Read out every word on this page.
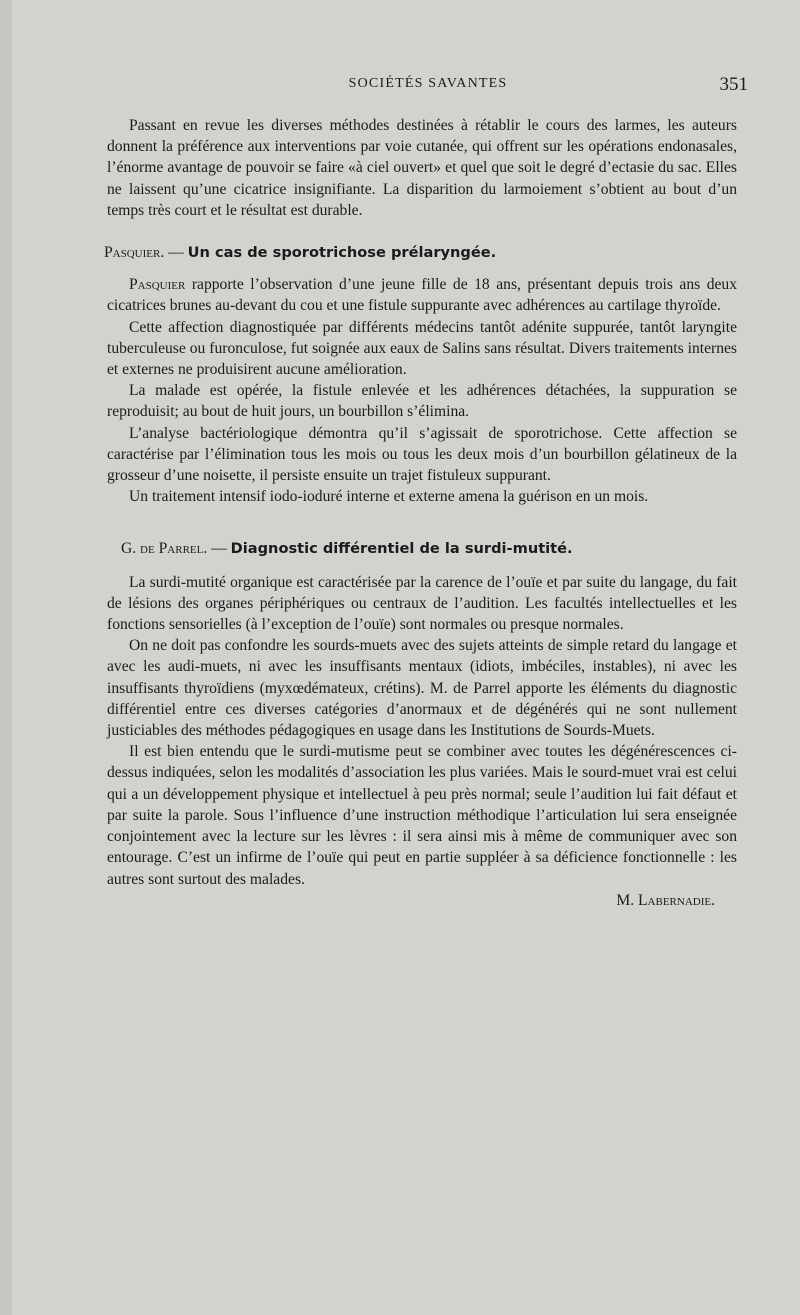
SOCIÉTÉS SAVANTES	351

Passant en revue les diverses méthodes destinées à rétablir le cours des larmes, les auteurs donnent la préférence aux interventions par voie cutanée, qui offrent sur les opérations endonasales, l’énorme avantage de pouvoir se faire «à ciel ouvert» et quel que soit le degré d’ectasie du sac. Elles ne laissent qu’une cicatrice insignifiante. La disparition du larmoiement s’obtient au bout d’un temps très court et le résultat est durable.

Pasquier. — Un cas de sporotrichose prélaryngée.

Pasquier rapporte l’observation d’une jeune fille de 18 ans, présentant depuis trois ans deux cicatrices brunes au-devant du cou et une fistule suppurante avec adhérences au cartilage thyroïde.

Cette affection diagnostiquée par différents médecins tantôt adénite suppurée, tantôt laryngite tuberculeuse ou furonculose, fut soignée aux eaux de Salins sans résultat. Divers traitements internes et externes ne produisirent aucune amélioration.

La malade est opérée, la fistule enlevée et les adhérences détachées, la suppuration se reproduisit; au bout de huit jours, un bourbillon s’élimina.

L’analyse bactériologique démontra qu’il s’agissait de sporotrichose. Cette affection se caractérise par l’élimination tous les mois ou tous les deux mois d’un bourbillon gélatineux de la grosseur d’une noisette, il persiste ensuite un trajet fistuleux suppurant.

Un traitement intensif iodo-ioduré interne et externe amena la guérison en un mois.

G. de Parrel. — Diagnostic différentiel de la surdi-mutité.

La surdi-mutité organique est caractérisée par la carence de l’ouïe et par suite du langage, du fait de lésions des organes périphériques ou centraux de l’audition. Les facultés intellectuelles et les fonctions sensorielles (à l’exception de l’ouïe) sont normales ou presque normales.

On ne doit pas confondre les sourds-muets avec des sujets atteints de simple retard du langage et avec les audi-muets, ni avec les insuffisants mentaux (idiots, imbéciles, instables), ni avec les insuffisants thyroïdiens (myxœdémateux, crétins). M. de Parrel apporte les éléments du diagnostic différentiel entre ces diverses catégories d’anormaux et de dégénérés qui ne sont nullement justiciables des méthodes pédagogiques en usage dans les Institutions de Sourds-Muets.

Il est bien entendu que le surdi-mutisme peut se combiner avec toutes les dégénérescences ci-dessus indiquées, selon les modalités d’association les plus variées. Mais le sourd-muet vrai est celui qui a un développement physique et intellectuel à peu près normal; seule l’audition lui fait défaut et par suite la parole. Sous l’influence d’une instruction méthodique l’articulation lui sera enseignée conjointement avec la lecture sur les lèvres : il sera ainsi mis à même de communiquer avec son entourage. C’est un infirme de l’ouïe qui peut en partie suppléer à sa déficience fonctionnelle : les autres sont surtout des malades.

M. Labernadie.
